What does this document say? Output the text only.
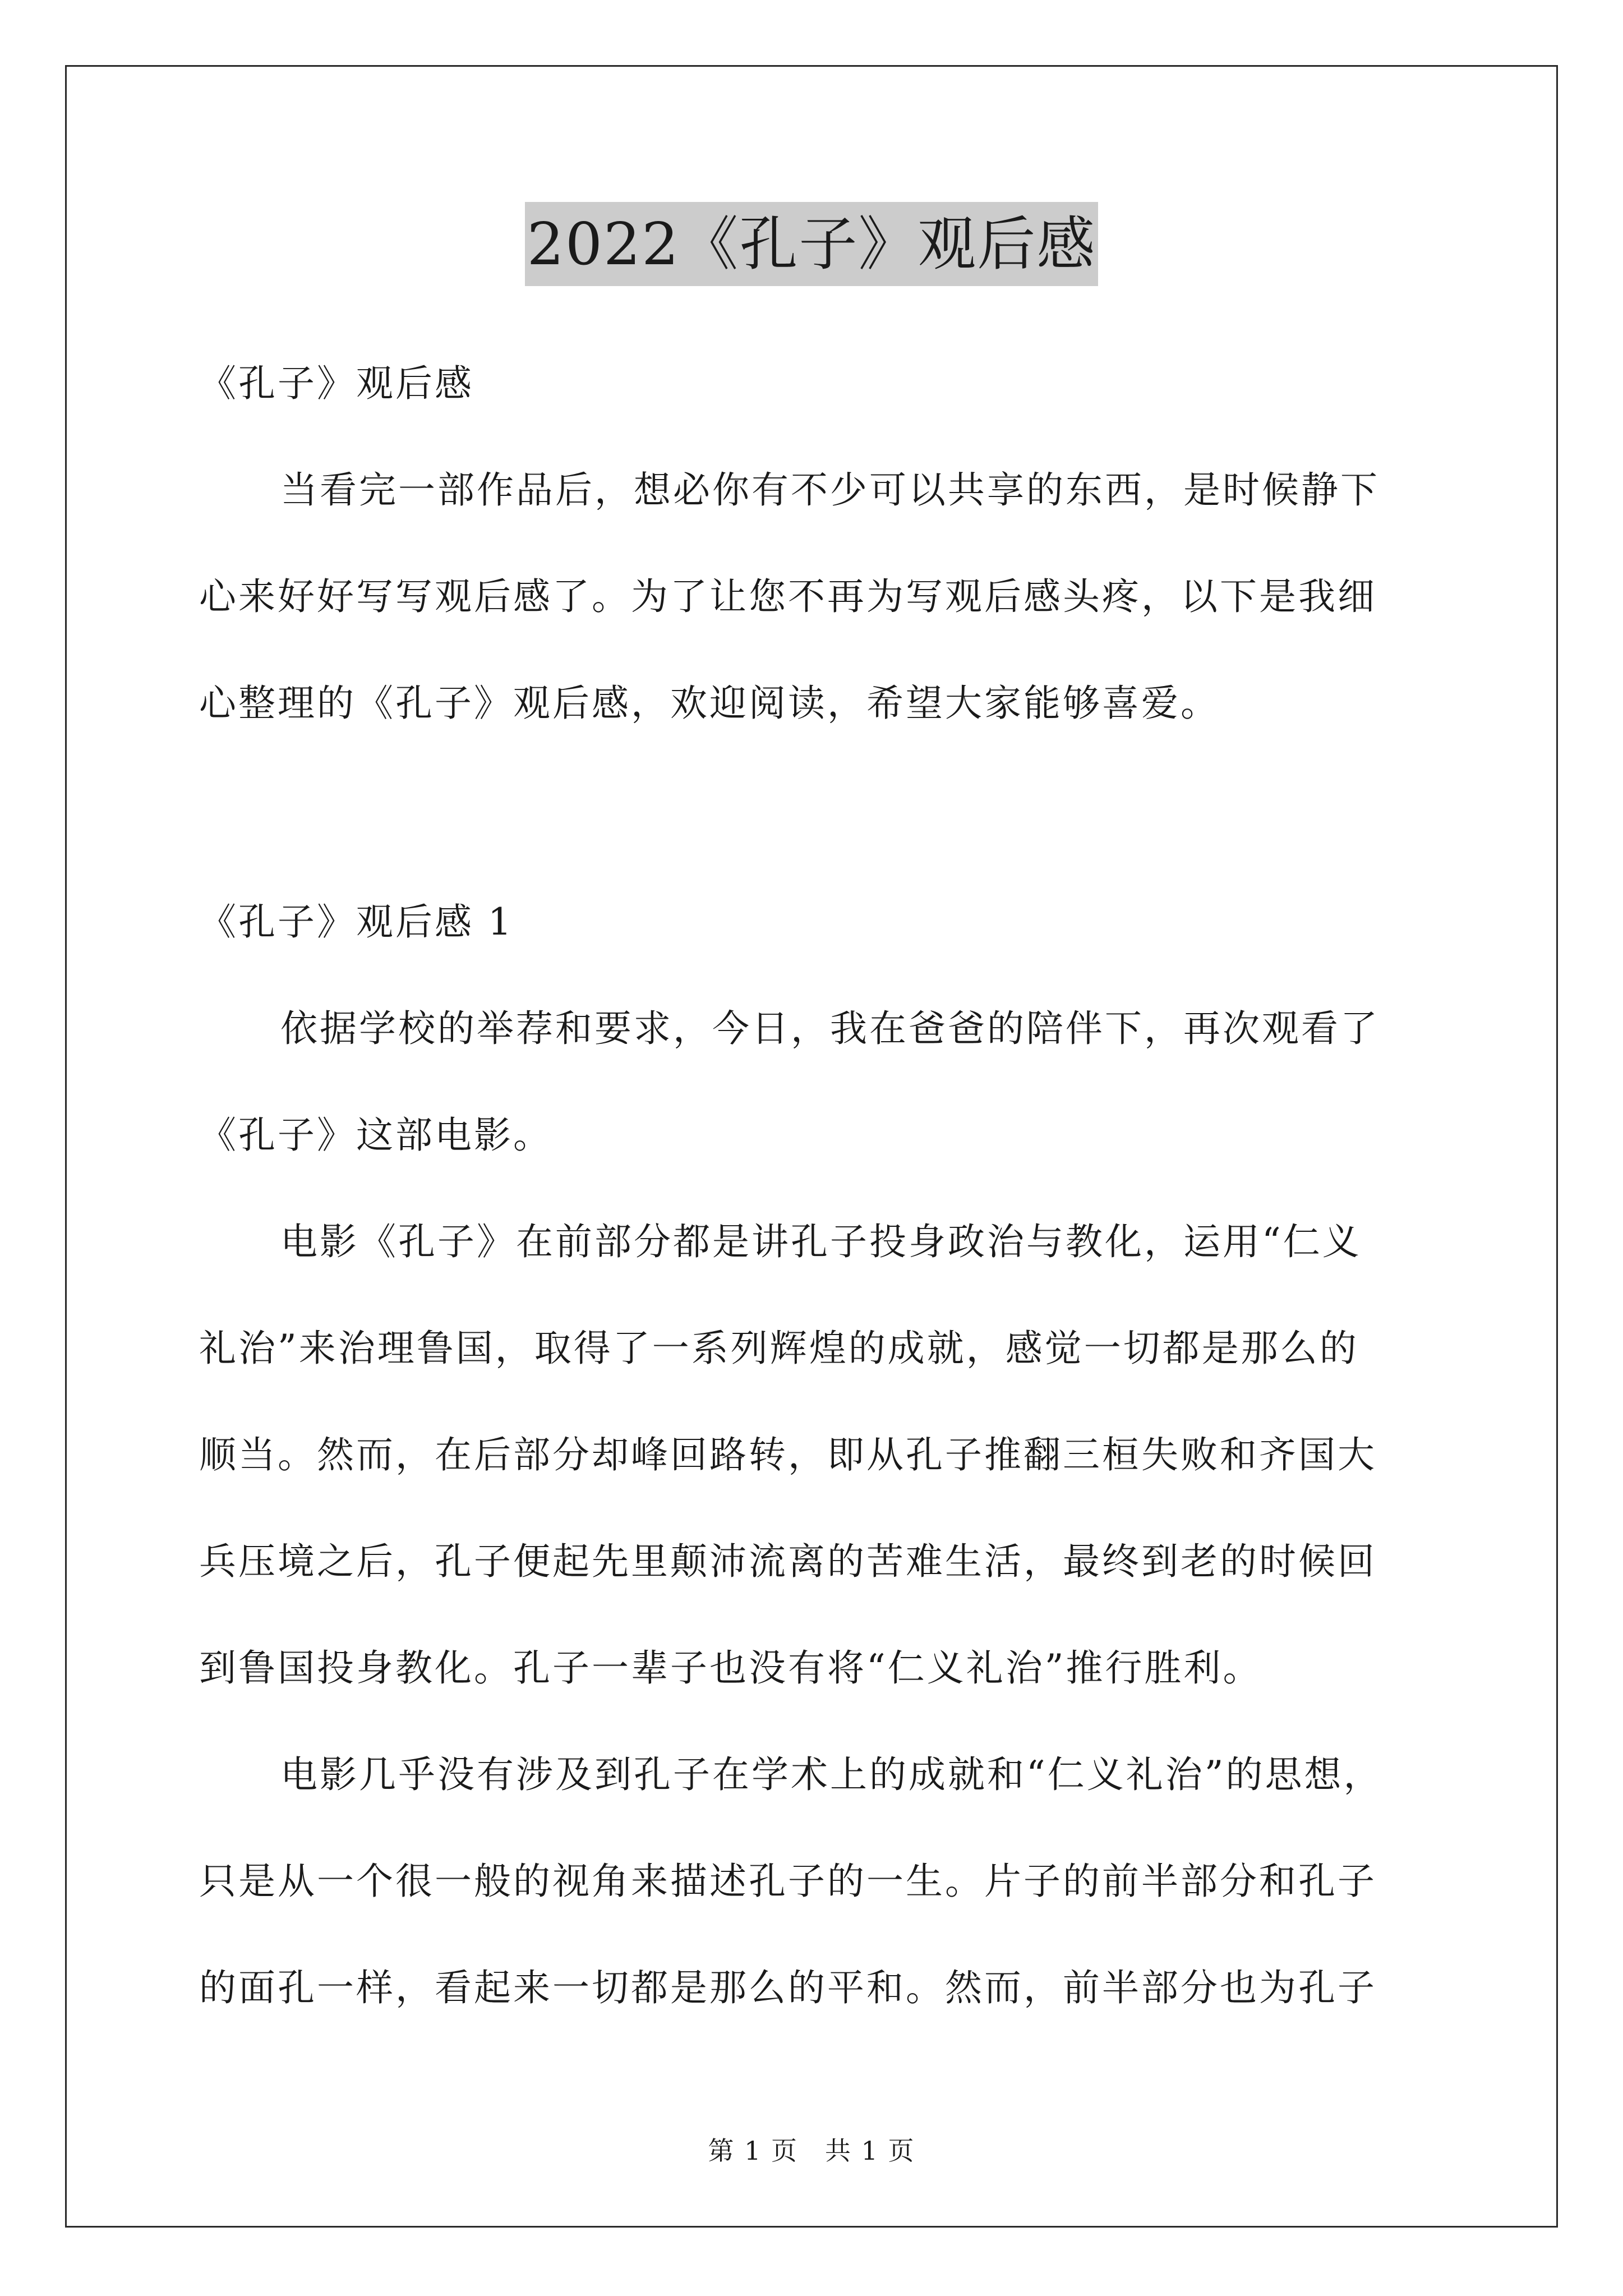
2022《孔子》观后感
《孔子》观后感
当看完一部作品后，想必你有不少可以共享的东西，是时候静下
心来好好写写观后感了。为了让您不再为写观后感头疼，以下是我细
心整理的《孔子》观后感，欢迎阅读，希望大家能够喜爱。
《孔子》观后感 1
依据学校的举荐和要求，今日，我在爸爸的陪伴下，再次观看了
《孔子》这部电影。
电影《孔子》在前部分都是讲孔子投身政治与教化，运用“仁义
礼治”来治理鲁国，取得了一系列辉煌的成就，感觉一切都是那么的
顺当。然而，在后部分却峰回路转，即从孔子推翻三桓失败和齐国大
兵压境之后，孔子便起先里颠沛流离的苦难生活，最终到老的时候回
到鲁国投身教化。孔子一辈子也没有将“仁义礼治”推行胜利。
电影几乎没有涉及到孔子在学术上的成就和“仁义礼治”的思想，
只是从一个很一般的视角来描述孔子的一生。片子的前半部分和孔子
的面孔一样，看起来一切都是那么的平和。然而，前半部分也为孔子
第 1 页　共 1 页
